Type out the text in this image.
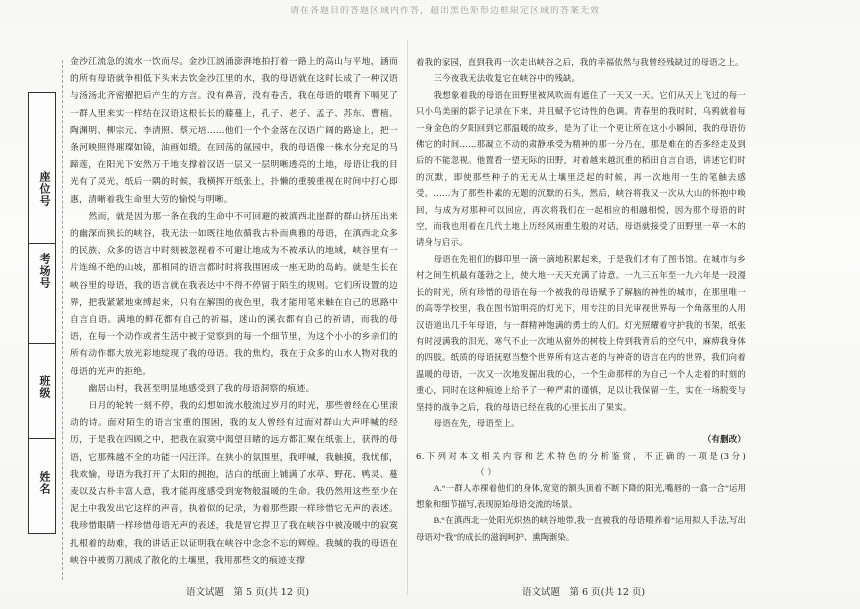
请在各题目的答题区域内作答，超出黑色矩形边框限定区域的答案无效
座位号
考场号
班级
姓名

金沙江流急的流水一饮而尽。金沙江汹涌澎湃地拍打着一路上的高山与平地，涵而的所有母语就争相低下头来去饮金沙江里的水，我的母语就在这时长成了一种汉语与汤汤北齐密擢把后产生的方言。没有鼻音，没有卷舌，我在母语的喂育下嗝见了一群人里来实一样结在汉语这根长长的藤蔓上，孔子、老子、孟子、苏东、曹植、陶渊明、柳宗元、李清照、蔡元培……他们一个个金落在汉语广阔的路途上，把一条河映照得璀璨如镜，油画如缎。在回荡的氤园中，我的母语像一株水分充足的马蹄莲，在阳光下安然万千地支撑着汉语一层又一层明晰透亮的土地，母语让我的目光有了灵光，纸后一隅的时候，我横挥开纸张上，扑懒的重骏重视在时间中打心即惠，清晰着我生命里大劳的愉悦与明晰。

然而，就是因为那一条在我的生命中不可回避的被滇西北崖群的群山挤压出来的幽深而狭长的峡谷，我无法一如既往地依循我古朴而典雅的母语，在滇西北众多的民族、众多的语言中时刻被忽视着不可避让地成为不被承认的地域，峡谷里有一片连绵不绝的山坡，那相同的语言都时时将我围困成一座无助的岛屿。就是生长在峡谷里的母语，我的语言就在我表达中不得不停留于陌生的规则。它们所设置的边界，把我紧紧地束缚起来，只有在解围的夜色里，我才能用笔来触在自己的思路中自言自语。满地的鲜花都有自己的祈福，迷山的溪衣都有自己的祈请，而我的母语，在每一个动作或者生活中被于觉察到的每一个细节里，为这个小小的乡亲们的所有动作都大放光彩地绽现了我的母语。我的焦灼，我在于众多的山水人物对我的母语的光声的拒绝。

幽居山村，我甚至明显地感受到了我的母语洞察的痕迹。

日月的轮转一刻不停，我的幻想如流水般流过岁月的时光，那些曾经在心里滚动的诗。面对陌生的语言宝重的围困，我的友人曾经有过面对群山大声呼喊的经历，于是我在四顾之中，把我在寂寞中渴望目睹的远方都汇聚在纸张上，获得的母语，它那殊越不全的功能一闪汪洋。在狭小的氛围里，我呼喊，我触摸，我忧郁，我欢愉，母语为我打开了太阳的拥抱，洁白的纸面上铺满了水草、野花、鸭灵、蔓麦以及古朴丰富人意，我才能再度感受到宠物般温暖的生命。我仍然用这些至少在泥土中我发出它这样的声音，执着似的记录，为着那些跟一样珍惜它无声的表述。我珍惜眼睛一样珍惜母语无声的表述，我是冒它捍卫了我在峡谷中被凌暖中的寂寞扎根着的劫难，我的讲话正以证明我在峡谷中念念不忘的辉煌。我缄的我的母语在峡谷中被剪刀割成了散化的土壤里，我用那些文的痕迹支撑

着我的家园，直到我再一次走出峡谷之后，我的幸福依然与我曾经残缺过的母语之上。

三今夜我无法收复它在峡谷中的残缺。

我想象着我的母语在田野里被风吹而有遮住了一天又一天。它们从天上飞过的每一只小鸟美丽的影子记录在下来，并且赋予它诗性的色调。青春里的我时时，乌鸦就着每一身金色的夕阳回到它那温暖的故乡，是为了让一个更让所在这小小瞬间，我的母语仿佛它的时间……那凝立不动的肃静承受为精神的那一分乃在，那是难在的否多经走及到后的不能忽视。他置看一望无际的田野，对着越来越沉重的稻田自言自语，讲述它们时的沉默，即使那些种子的无无从土壤里泛起的时候，再一次地用一生的笔触去感受。……为了那些朴素的无题的沉默的石头，然后，峡谷将我又一次从大山的怀抱中唤回，与成为对那种可以回应，再次将我们在一起相应的相融相悦，因为那个母语的时空，而我也用着在几代土地上历经风雨重生般的对话，母语就接受了田野里一草一木的请身与启示。

母语在先祖们的脚印里一滴一滴地积累起来，于是我们才有了图书馆。在城市与乡村之间生机最有蓬勃之上，使大地一天天充满了诗意。一九三五年至一九六年是一段漫长的时光，所有珍惜的母语在每一个被我的母语赋予了解脑的神性的城市，在那里唯一的高等学校里，我在图书馆明亮的灯光下，用专注的目光审视世界每一个角落里的人用汉语道出几千年母语，与一群精神饱满的勇士的人们。灯光照耀着守护我的书架，纸张有时浸满我的泪光，寒气不止一次地从窗外的树枝上侍到我背后的空气中，麻痹我身体的四肢。纸质的母语抚慰当整个世界所有这古老的与神奇的语言在内的世界，我们向着温暖的母语，一次又一次地发掘出我的心，一个生命那样的为自己一个人走着的时刻的重心，同时在这种痕迹上给予了一种严肃的谨慎，足以让我保留一生，实在一场脱变与坚持的战争之后，我的母语已经在我的心里长出了果实。

母语在先，母语至上。

（有删改）

6.下列对本文相关内容和艺术特色的分析鉴赏，不正确的一项是(3分)（ ）

A.“一群人赤裸着他们的身体,宽宽的额头顶着不断下降的阳光,嘴唇的一翕一合”运用想象和细节描写,表现原始母语交流的场景。

B.“在滇西北一处阳光炽热的峡谷地带,我一直被我的母语喂养着”运用拟人手法,写出母语对“我”的成长的滋润呵护、熏陶渐染。

语文试题　第 5 页(共 12 页)	语文试题　第 6 页(共 12 页)
